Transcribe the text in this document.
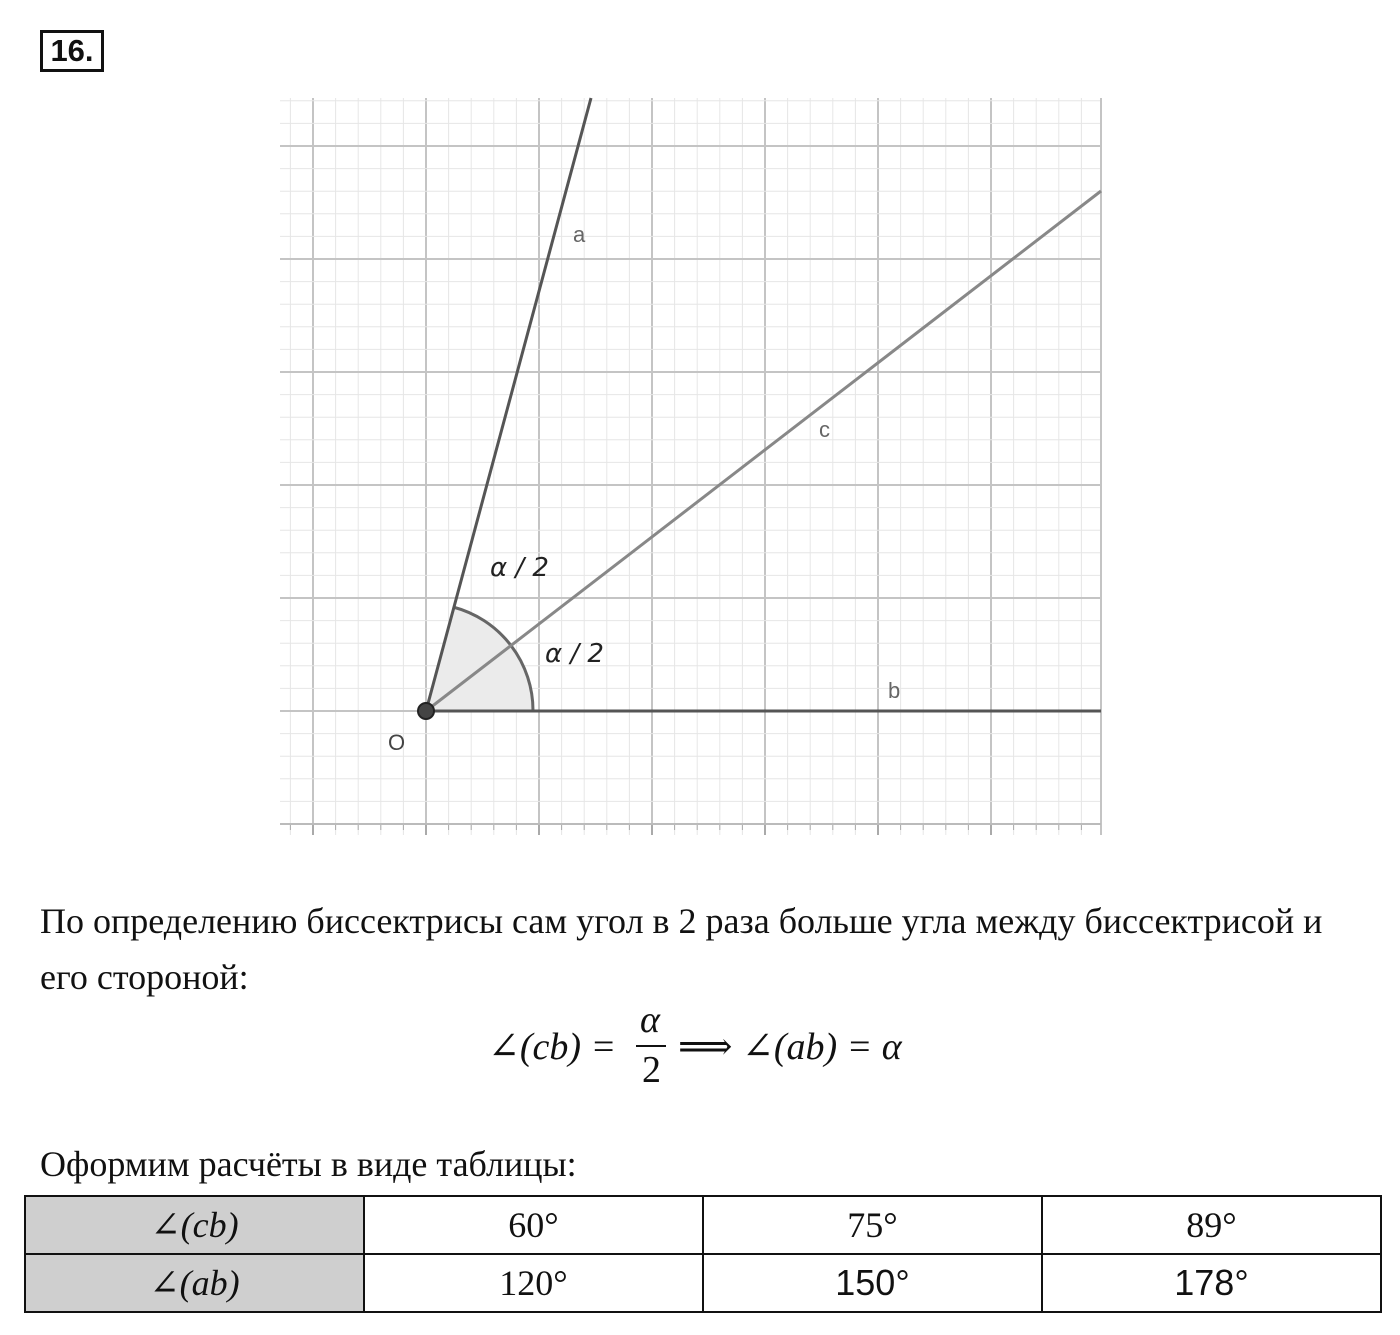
16.
O
a
c
b
α / 2
α / 2

По определению биссектрисы сам угол в 2 раза больше угла между биссектрисой и его стороной:

∠(cb) =
α
2
⟹ ∠(ab) = α

Оформим расчёты в виде таблицы:

∠(cb)	60°	75°	89°
∠(ab)	120°	150°	178°
